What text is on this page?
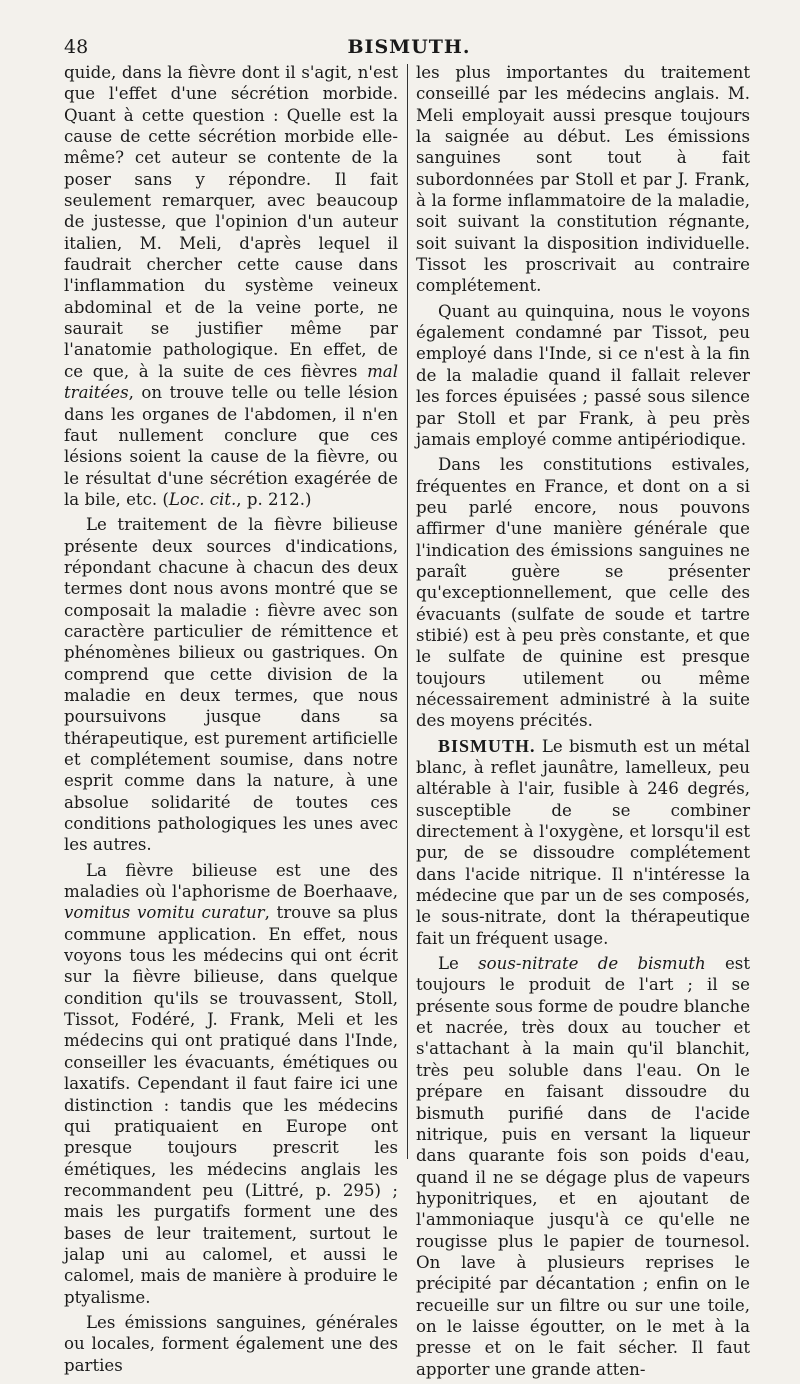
48	BISMUTH.

quide, dans la fièvre dont il s'agit, n'est que l'effet d'une sécrétion morbide. Quant à cette question : Quelle est la cause de cette sécrétion morbide elle-même? cet auteur se contente de la poser sans y répondre. Il fait seulement remarquer, avec beaucoup de justesse, que l'opinion d'un auteur italien, M. Meli, d'après lequel il faudrait chercher cette cause dans l'inflammation du système veineux abdominal et de la veine porte, ne saurait se justifier même par l'anatomie pathologique. En effet, de ce que, à la suite de ces fièvres mal traitées, on trouve telle ou telle lésion dans les organes de l'abdomen, il n'en faut nullement conclure que ces lésions soient la cause de la fièvre, ou le résultat d'une sécrétion exagérée de la bile, etc. (Loc. cit., p. 212.)

Le traitement de la fièvre bilieuse présente deux sources d'indications, répondant chacune à chacun des deux termes dont nous avons montré que se composait la maladie : fièvre avec son caractère particulier de rémittence et phénomènes bilieux ou gastriques. On comprend que cette division de la maladie en deux termes, que nous poursuivons jusque dans sa thérapeutique, est purement artificielle et complétement soumise, dans notre esprit comme dans la nature, à une absolue solidarité de toutes ces conditions pathologiques les unes avec les autres.

La fièvre bilieuse est une des maladies où l'aphorisme de Boerhaave, vomitus vomitu curatur, trouve sa plus commune application. En effet, nous voyons tous les médecins qui ont écrit sur la fièvre bilieuse, dans quelque condition qu'ils se trouvassent, Stoll, Tissot, Fodéré, J. Frank, Meli et les médecins qui ont pratiqué dans l'Inde, conseiller les évacuants, émétiques ou laxatifs. Cependant il faut faire ici une distinction : tandis que les médecins qui pratiquaient en Europe ont presque toujours prescrit les émétiques, les médecins anglais les recommandent peu (Littré, p. 295) ; mais les purgatifs forment une des bases de leur traitement, surtout le jalap uni au calomel, et aussi le calomel, mais de manière à produire le ptyalisme.

Les émissions sanguines, générales ou locales, forment également une des parties

les plus importantes du traitement conseillé par les médecins anglais. M. Meli employait aussi presque toujours la saignée au début. Les émissions sanguines sont tout à fait subordonnées par Stoll et par J. Frank, à la forme inflammatoire de la maladie, soit suivant la constitution régnante, soit suivant la disposition individuelle. Tissot les proscrivait au contraire complétement.

Quant au quinquina, nous le voyons également condamné par Tissot, peu employé dans l'Inde, si ce n'est à la fin de la maladie quand il fallait relever les forces épuisées ; passé sous silence par Stoll et par Frank, à peu près jamais employé comme antipériodique.

Dans les constitutions estivales, fréquentes en France, et dont on a si peu parlé encore, nous pouvons affirmer d'une manière générale que l'indication des émissions sanguines ne paraît guère se présenter qu'exceptionnellement, que celle des évacuants (sulfate de soude et tartre stibié) est à peu près constante, et que le sulfate de quinine est presque toujours utilement ou même nécessairement administré à la suite des moyens précités.

BISMUTH. Le bismuth est un métal blanc, à reflet jaunâtre, lamelleux, peu altérable à l'air, fusible à 246 degrés, susceptible de se combiner directement à l'oxygène, et lorsqu'il est pur, de se dissoudre complétement dans l'acide nitrique. Il n'intéresse la médecine que par un de ses composés, le sous-nitrate, dont la thérapeutique fait un fréquent usage.

Le sous-nitrate de bismuth est toujours le produit de l'art ; il se présente sous forme de poudre blanche et nacrée, très doux au toucher et s'attachant à la main qu'il blanchit, très peu soluble dans l'eau. On le prépare en faisant dissoudre du bismuth purifié dans de l'acide nitrique, puis en versant la liqueur dans quarante fois son poids d'eau, quand il ne se dégage plus de vapeurs hyponitriques, et en ajoutant de l'ammoniaque jusqu'à ce qu'elle ne rougisse plus le papier de tournesol. On lave à plusieurs reprises le précipité par décantation ; enfin on le recueille sur un filtre ou sur une toile, on le laisse égoutter, on le met à la presse et on le fait sécher. Il faut apporter une grande atten-
